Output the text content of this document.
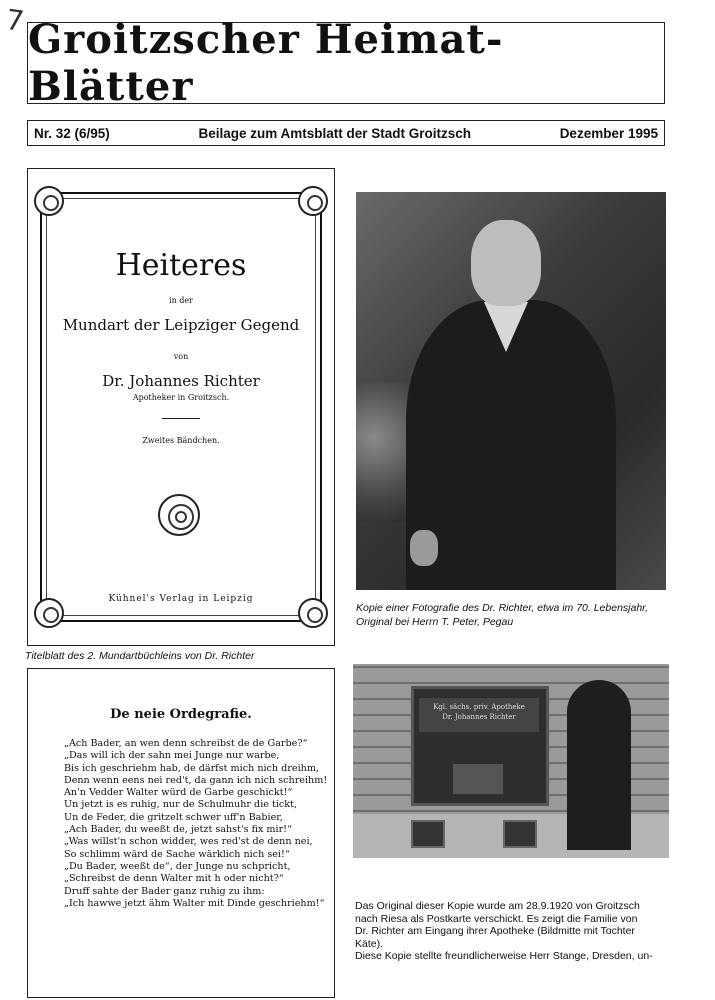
7 Groitzscher Heimat-Blätter
Nr. 32 (6/95)	Beilage zum Amtsblatt der Stadt Groitzsch	Dezember 1995
Heiteres
in der
Mundart der Leipziger Gegend
von
Dr. Johannes Richter
Apotheker in Groitzsch.
Zweites Bändchen.
Kühnel's Verlag in Leipzig
Titelblatt des 2. Mundartbüchleins von Dr. Richter
Kopie einer Fotografie des Dr. Richter, etwa im 70. Lebensjahr,
Original bei Herrn T. Peter, Pegau
De neie Ordegrafie.
„Ach Bader, an wen denn schreibst de de Garbe?“
„Das will ich der sahn mei Junge nur warbe,
Bis ich geschriehm hab, de därfst mich nich dreihm,
Denn wenn eens nei red't, da gann ich nich schreihm!
An'n Vedder Walter würd de Garbe geschickt!“
Un jetzt is es ruhig, nur de Schulmuhr die tickt,
Un de Feder, die gritzelt schwer uff'n Babier,
„Ach Bader, du weeßt de, jetzt sahst's fix mir!“
„Was willst'n schon widder, wes red'st de denn nei,
So schlimm wärd de Sache wärklich nich sei!“
„Du Bader, weeßt de“, der Junge nu schpricht,
„Schreibst de denn Walter mit h oder nicht?“
Druff sahte der Bader ganz ruhig zu ihm:
„Ich hawwe jetzt ähm Walter mit Dinde geschriehm!“
Kgl. sächs. priv. Apotheke
Dr. Johannes Richter
Das Original dieser Kopie wurde am 28.9.1920 von Groitzsch
nach Riesa als Postkarte verschickt. Es zeigt die Familie von
Dr. Richter am Eingang ihrer Apotheke (Bildmitte mit Tochter
Käte).
Diese Kopie stellte freundlicherweise Herr Stange, Dresden, un-
